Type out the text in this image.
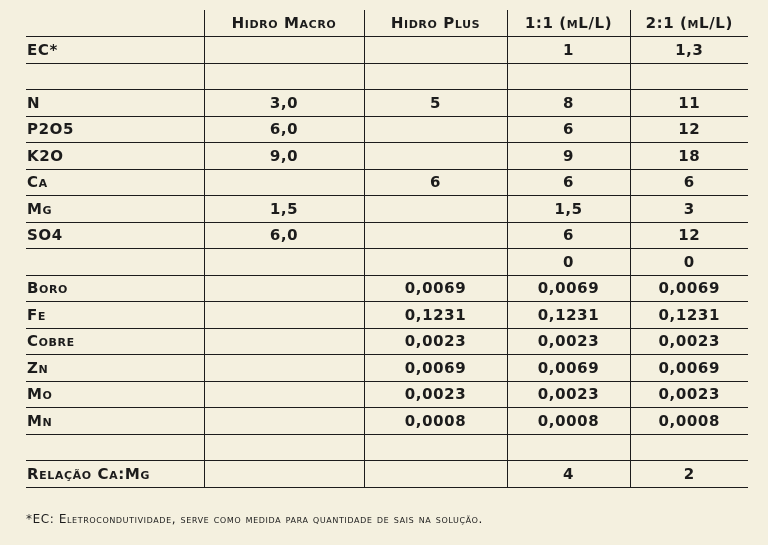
	Hidro Macro	Hidro Plus	1:1 (mL/L)	2:1 (mL/L)
EC*			1	1,3

N	3,0	5	8	11
P2O5	6,0		6	12
K2O	9,0		9	18
Ca		6	6	6
Mg	1,5		1,5	3
SO4	6,0		6	12
			0	0
Boro		0,0069	0,0069	0,0069
Fe		0,1231	0,1231	0,1231
Cobre		0,0023	0,0023	0,0023
Zn		0,0069	0,0069	0,0069
Mo		0,0023	0,0023	0,0023
Mn		0,0008	0,0008	0,0008

Relação Ca:Mg			4	2
*EC: Eletrocondutividade, serve como medida para quantidade de sais na solução.
